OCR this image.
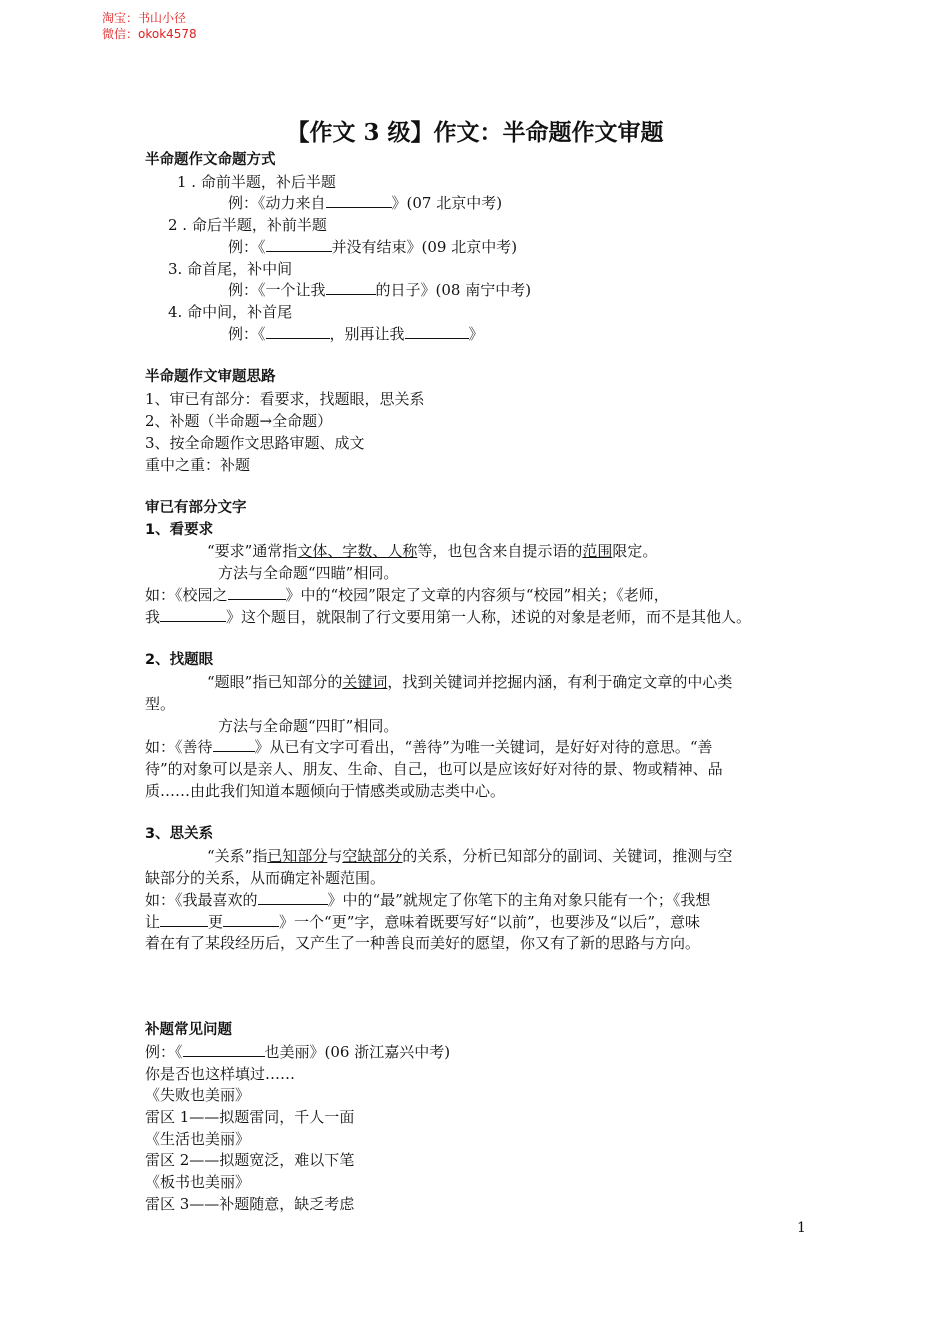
淘宝：书山小径
微信：okok4578
【作文 3 级】作文：半命题作文审题
半命题作文命题方式
1 . 命前半题，补后半题
例：《动力来自	》(07 北京中考)
2 . 命后半题，补前半题
例：《	并没有结束》(09 北京中考)
3. 命首尾，补中间
例：《一个让我	的日子》(08 南宁中考)
4. 命中间，补首尾
例：《	，别再让我	》
半命题作文审题思路
1、审已有部分：看要求，找题眼，思关系
2、补题（半命题→全命题）
3、按全命题作文思路审题、成文
重中之重：补题
审已有部分文字
1、看要求
“要求”通常指文体、字数、人称等，也包含来自提示语的范围限定。
方法与全命题“四瞄”相同。
如：《校园之	》中的“校园”限定了文章的内容须与“校园”相关；《老师，
我	》这个题目，就限制了行文要用第一人称，述说的对象是老师，而不是其他人。
2、找题眼
“题眼”指已知部分的关键词，找到关键词并挖掘内涵，有利于确定文章的中心类
型。
方法与全命题“四盯”相同。
如：《善待	》从已有文字可看出，“善待”为唯一关键词，是好好对待的意思。“善
待”的对象可以是亲人、朋友、生命、自己，也可以是应该好好对待的景、物或精神、品
质……由此我们知道本题倾向于情感类或励志类中心。
3、思关系
“关系”指已知部分与空缺部分的关系，分析已知部分的副词、关键词，推测与空
缺部分的关系，从而确定补题范围。
如：《我最喜欢的	》中的“最”就规定了你笔下的主角对象只能有一个；《我想
让	更	》一个“更”字，意味着既要写好“以前”，也要涉及“以后”，意味
着在有了某段经历后，又产生了一种善良而美好的愿望，你又有了新的思路与方向。
补题常见问题
例：《	也美丽》(06 浙江嘉兴中考)
你是否也这样填过……
《失败也美丽》
雷区 1——拟题雷同，千人一面
《生活也美丽》
雷区 2——拟题宽泛，难以下笔
《板书也美丽》
雷区 3——补题随意，缺乏考虑
1
